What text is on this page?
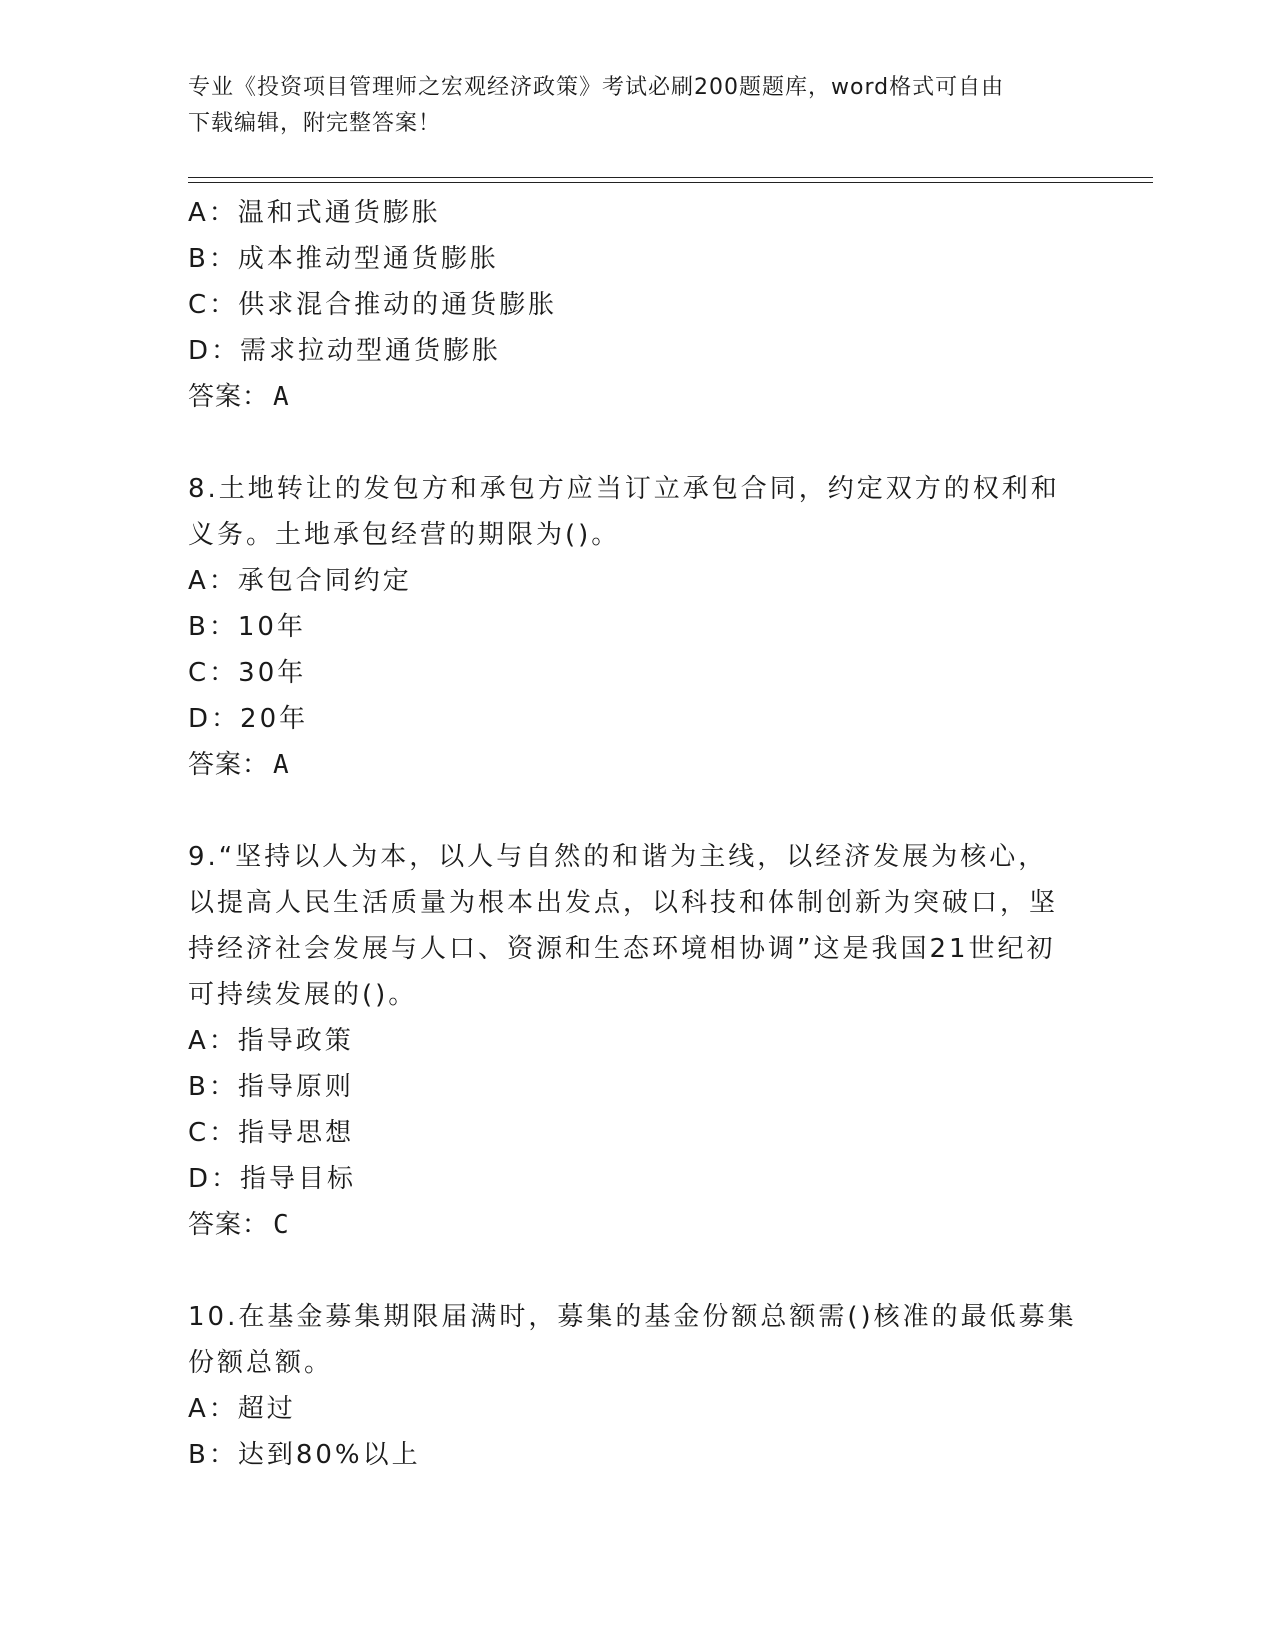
专业《投资项目管理师之宏观经济政策》考试必刷200题题库，word格式可自由
下载编辑，附完整答案！
A：温和式通货膨胀
B：成本推动型通货膨胀
C：供求混合推动的通货膨胀
D：需求拉动型通货膨胀
答案： A
8.土地转让的发包方和承包方应当订立承包合同，约定双方的权利和
义务。土地承包经营的期限为()。
A：承包合同约定
B：10年
C：30年
D：20年
答案： A
9.“坚持以人为本，以人与自然的和谐为主线，以经济发展为核心，
以提高人民生活质量为根本出发点，以科技和体制创新为突破口，坚
持经济社会发展与人口、资源和生态环境相协调”这是我国21世纪初
可持续发展的()。
A：指导政策
B：指导原则
C：指导思想
D：指导目标
答案： C
10.在基金募集期限届满时，募集的基金份额总额需()核准的最低募集
份额总额。
A：超过
B：达到80%以上
